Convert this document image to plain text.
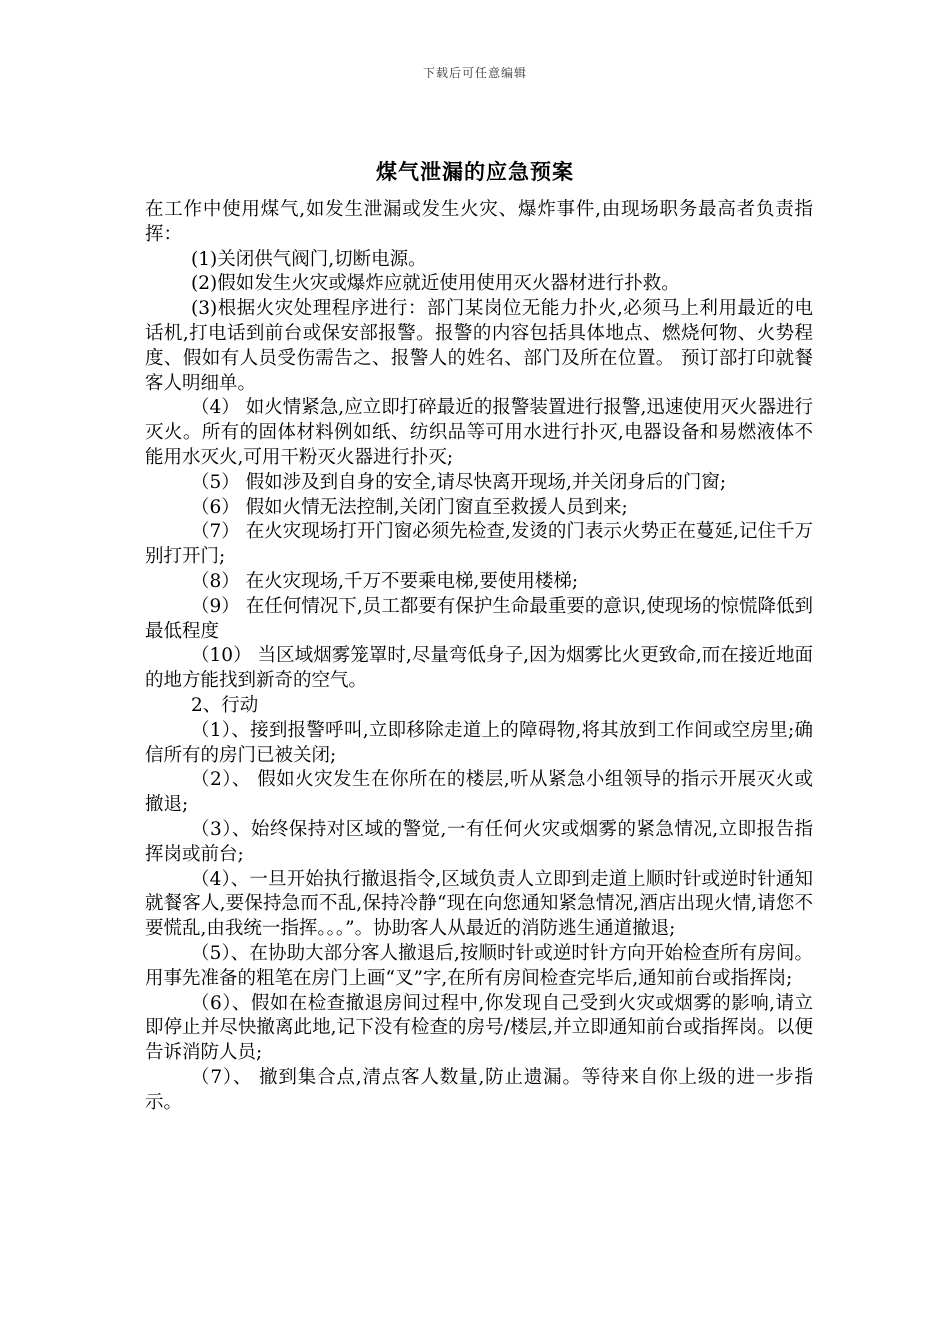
下载后可任意编辑
煤气泄漏的应急预案

在工作中使用煤气,如发生泄漏或发生火灾、爆炸事件,由现场职务最高者负责指挥：

(1)关闭供气阀门,切断电源。

(2)假如发生火灾或爆炸应就近使用使用灭火器材进行扑救。

(3)根据火灾处理程序进行：部门某岗位无能力扑火,必须马上利用最近的电话机,打电话到前台或保安部报警。报警的内容包括具体地点、燃烧何物、火势程度、假如有人员受伤需告之、报警人的姓名、部门及所在位置。 预订部打印就餐客人明细单。

（4） 如火情紧急,应立即打碎最近的报警装置进行报警,迅速使用灭火器进行灭火。所有的固体材料例如纸、纺织品等可用水进行扑灭,电器设备和易燃液体不能用水灭火,可用干粉灭火器进行扑灭;

（5） 假如涉及到自身的安全,请尽快离开现场,并关闭身后的门窗;

（6） 假如火情无法控制,关闭门窗直至救援人员到来;

（7） 在火灾现场打开门窗必须先检查,发烫的门表示火势正在蔓延,记住千万别打开门;

（8） 在火灾现场,千万不要乘电梯,要使用楼梯;

（9） 在任何情况下,员工都要有保护生命最重要的意识,使现场的惊慌降低到最低程度

（10） 当区域烟雾笼罩时,尽量弯低身子,因为烟雾比火更致命,而在接近地面的地方能找到新奇的空气。

2、行动

（1）、接到报警呼叫,立即移除走道上的障碍物,将其放到工作间或空房里;确信所有的房门已被关闭;

（2）、 假如火灾发生在你所在的楼层,听从紧急小组领导的指示开展灭火或撤退;

（3）、始终保持对区域的警觉,一有任何火灾或烟雾的紧急情况,立即报告指挥岗或前台;

（4）、一旦开始执行撤退指令,区域负责人立即到走道上顺时针或逆时针通知就餐客人,要保持急而不乱,保持冷静“现在向您通知紧急情况,酒店出现火情,请您不要慌乱,由我统一指挥。。。”。协助客人从最近的消防逃生通道撤退;

（5）、在协助大部分客人撤退后,按顺时针或逆时针方向开始检查所有房间。用事先准备的粗笔在房门上画“叉”字,在所有房间检查完毕后,通知前台或指挥岗;

（6）、假如在检查撤退房间过程中,你发现自己受到火灾或烟雾的影响,请立即停止并尽快撤离此地,记下没有检查的房号/楼层,并立即通知前台或指挥岗。以便告诉消防人员;

（7）、 撤到集合点,清点客人数量,防止遗漏。等待来自你上级的进一步指示。
